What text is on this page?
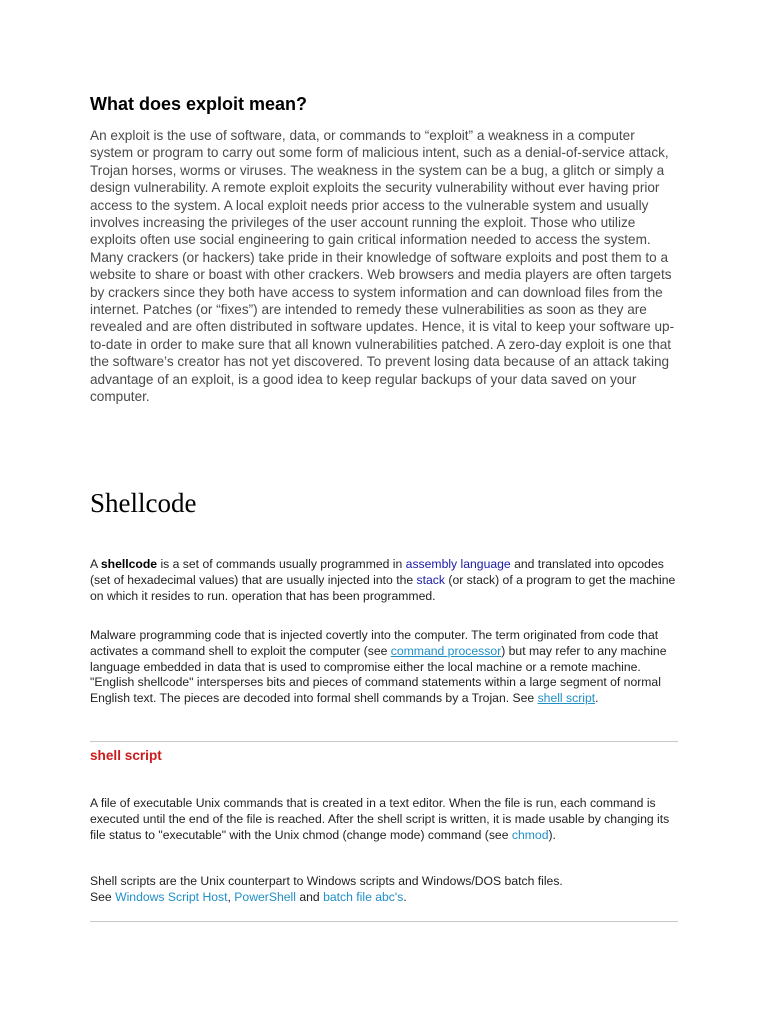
What does exploit mean?

An exploit is the use of software, data, or commands to “exploit” a weakness in a computer system or program to carry out some form of malicious intent, such as a denial-of-service attack, Trojan horses, worms or viruses. The weakness in the system can be a bug, a glitch or simply a design vulnerability. A remote exploit exploits the security vulnerability without ever having prior access to the system. A local exploit needs prior access to the vulnerable system and usually involves increasing the privileges of the user account running the exploit. Those who utilize exploits often use social engineering to gain critical information needed to access the system. Many crackers (or hackers) take pride in their knowledge of software exploits and post them to a website to share or boast with other crackers. Web browsers and media players are often targets by crackers since they both have access to system information and can download files from the internet. Patches (or “fixes”) are intended to remedy these vulnerabilities as soon as they are revealed and are often distributed in software updates. Hence, it is vital to keep your software up-to-date in order to make sure that all known vulnerabilities patched. A zero-day exploit is one that the software’s creator has not yet discovered. To prevent losing data because of an attack taking advantage of an exploit, is a good idea to keep regular backups of your data saved on your computer.

Shellcode

A shellcode is a set of commands usually programmed in assembly language and translated into opcodes (set of hexadecimal values) that are usually injected into the stack (or stack) of a program to get the machine on which it resides to run. operation that has been programmed.

Malware programming code that is injected covertly into the computer. The term originated from code that activates a command shell to exploit the computer (see command processor) but may refer to any machine language embedded in data that is used to compromise either the local machine or a remote machine. "English shellcode" intersperses bits and pieces of command statements within a large segment of normal English text. The pieces are decoded into formal shell commands by a Trojan. See shell script.

shell script

A file of executable Unix commands that is created in a text editor. When the file is run, each command is executed until the end of the file is reached. After the shell script is written, it is made usable by changing its file status to "executable" with the Unix chmod (change mode) command (see chmod).

Shell scripts are the Unix counterpart to Windows scripts and Windows/DOS batch files.
See Windows Script Host, PowerShell and batch file abc's.
